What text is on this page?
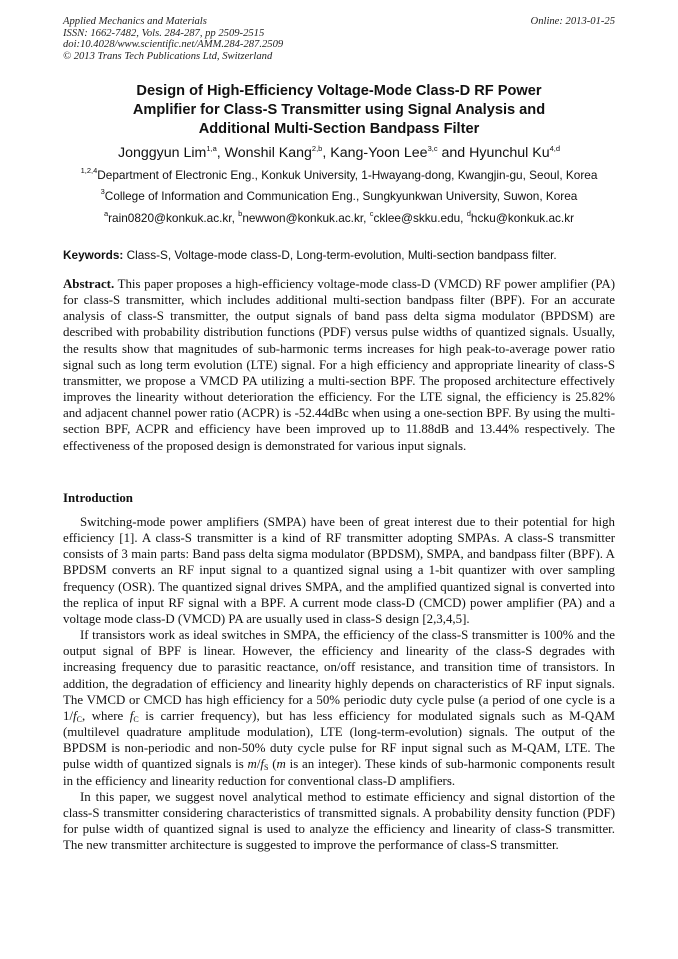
Applied Mechanics and Materials
ISSN: 1662-7482, Vols. 284-287, pp 2509-2515
doi:10.4028/www.scientific.net/AMM.284-287.2509
© 2013 Trans Tech Publications Ltd, Switzerland
Online: 2013-01-25
Design of High-Efficiency Voltage-Mode Class-D RF Power
Amplifier for Class-S Transmitter using Signal Analysis and
Additional Multi-Section Bandpass Filter
Jonggyun Lim$^{1,a}$, Wonshil Kang$^{2,b}$, Kang-Yoon Lee$^{3,c}$ and Hyunchul Ku$^{4,d}$
$^{1,2,4}$Department of Electronic Eng., Konkuk University, 1-Hwayang-dong, Kwangjin-gu, Seoul, Korea
$^3$College of Information and Communication Eng., Sungkyunkwan University, Suwon, Korea
$^a$rain0820@konkuk.ac.kr, $^b$newwon@konkuk.ac.kr, $^c$cklee@skku.edu, $^d$hcku@konkuk.ac.kr
Keywords: Class-S, Voltage-mode class-D, Long-term-evolution, Multi-section bandpass filter.

Abstract. This paper proposes a high-efficiency voltage-mode class-D (VMCD) RF power amplifier (PA) for class-S transmitter, which includes additional multi-section bandpass filter (BPF). For an accurate analysis of class-S transmitter, the output signals of band pass delta sigma modulator (BPDSM) are described with probability distribution functions (PDF) versus pulse widths of quantized signals. Usually, the results show that magnitudes of sub-harmonic terms increases for high peak-to-average power ratio signal such as long term evolution (LTE) signal. For a high efficiency and appropriate linearity of class-S transmitter, we propose a VMCD PA utilizing a multi-section BPF. The proposed architecture effectively improves the linearity without deterioration the efficiency. For the LTE signal, the efficiency is 25.82% and adjacent channel power ratio (ACPR) is -52.44dBc when using a one-section BPF. By using the multi-section BPF, ACPR and efficiency have been improved up to 11.88dB and 13.44% respectively. The effectiveness of the proposed design is demonstrated for various input signals.

Introduction

Switching-mode power amplifiers (SMPA) have been of great interest due to their potential for high efficiency [1]. A class-S transmitter is a kind of RF transmitter adopting SMPAs. A class-S transmitter consists of 3 main parts: Band pass delta sigma modulator (BPDSM), SMPA, and bandpass filter (BPF). A BPDSM converts an RF input signal to a quantized signal using a 1-bit quantizer with over sampling frequency (OSR). The quantized signal drives SMPA, and the amplified quantized signal is converted into the replica of input RF signal with a BPF. A current mode class-D (CMCD) power amplifier (PA) and a voltage mode class-D (VMCD) PA are usually used in class-S design [2,3,4,5].

If transistors work as ideal switches in SMPA, the efficiency of the class-S transmitter is 100% and the output signal of BPF is linear. However, the efficiency and linearity of the class-S degrades with increasing frequency due to parasitic reactance, on/off resistance, and transition time of transistors. In addition, the degradation of efficiency and linearity highly depends on characteristics of RF input signals. The VMCD or CMCD has high efficiency for a 50% periodic duty cycle pulse (a period of one cycle is a $1/f_C$, where $f_C$ is carrier frequency), but has less efficiency for modulated signals such as M-QAM (multilevel quadrature amplitude modulation), LTE (long-term-evolution) signals. The output of the BPDSM is non-periodic and non-50% duty cycle pulse for RF input signal such as M-QAM, LTE. The pulse width of quantized signals is $m/f_S$ (m is an integer). These kinds of sub-harmonic components result in the efficiency and linearity reduction for conventional class-D amplifiers.

In this paper, we suggest novel analytical method to estimate efficiency and signal distortion of the class-S transmitter considering characteristics of transmitted signals. A probability density function (PDF) for pulse width of quantized signal is used to analyze the efficiency and linearity of class-S transmitter. The new transmitter architecture is suggested to improve the performance of class-S transmitter.
